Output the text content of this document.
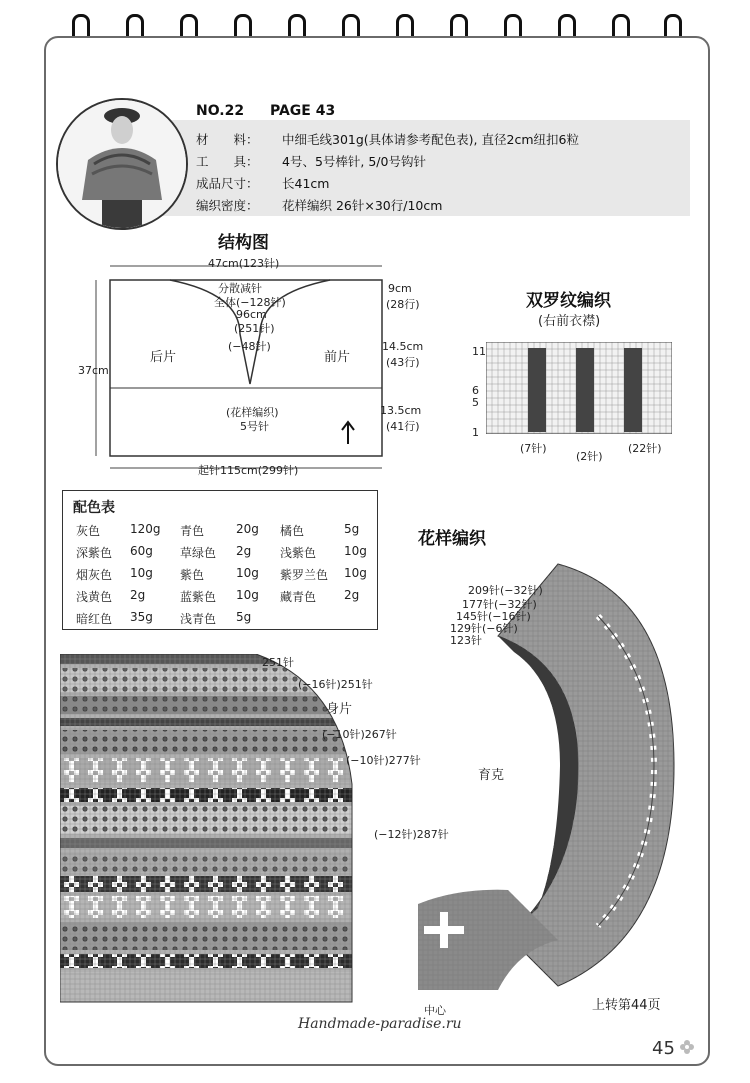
NO.22 PAGE 43
材　　料：	中细毛线301g(具体请参考配色表), 直径2cm纽扣6粒
工　　具：	4号、5号棒针, 5/0号钩针
成品尺寸：	长41cm
编织密度：	花样编织 26针×30行/10cm
结构图
47cm(123针)
分散减针
全体(−128针)
96cm
(251针)
(−48针)
后片	前片
37cm
9cm
(28行)
14.5cm
(43行)
13.5cm
(41行)
(花样编织)
5号针
起针115cm(299针)
双罗纹编织
(右前衣襟)
11
6
5
1
(7针)
(2针)
(22针)
配色表
灰色 120g 青色	20g 橘色	5g
深紫色 60g 草绿色 2g 浅紫色 10g
烟灰色 10g 紫色	10g 紫罗兰色 10g
浅黄色 2g	蓝紫色 10g 藏青色 2g
暗红色 35g 浅青色 5g
花样编织
251针
(−16针)251针
身片
(−10针)267针
(−10针)277针
(−12针)287针
209针(−32针)
177针(−32针)
145针(−16针)
129针(−6针)
123针
育克
中心	上转第44页
Handmade-paradise.ru
45
